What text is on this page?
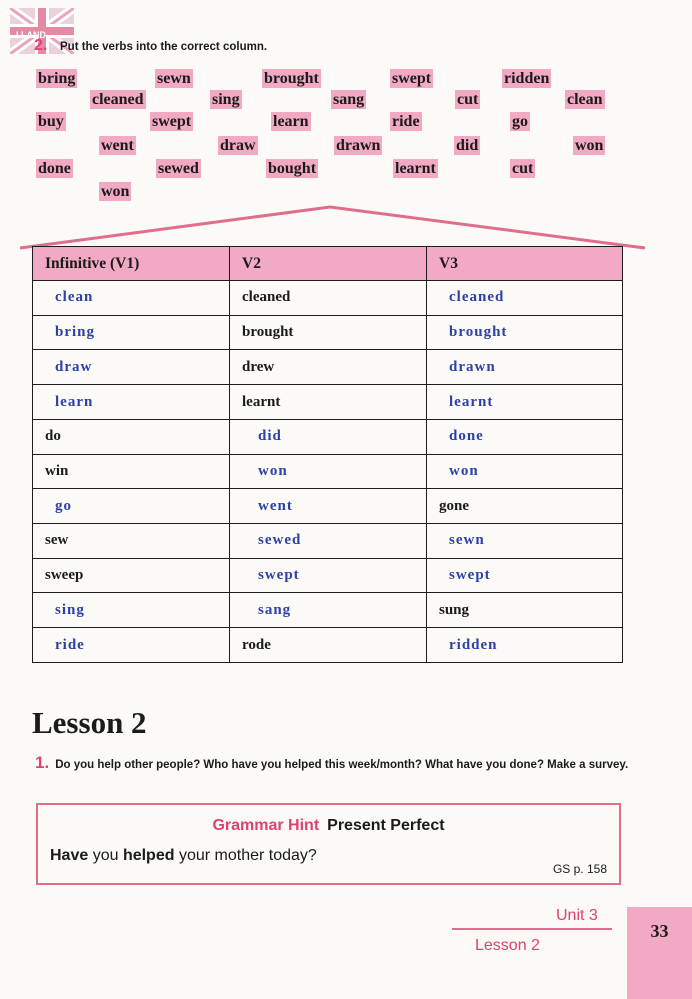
I LAND
2. Put the verbs into the correct column.
bring	sewn	brought	swept	ridden
cleaned	sing	sang	cut	clean
buy	swept	learn	ride	go
went	draw	drawn	did	won
done	sewed	bought	learnt	cut
won
Infinitive (V1)	V2	V3
clean	cleaned	cleaned
bring	brought	brought
draw	drew	drawn
learn	learnt	learnt
do	did	done
win	won	won
go	went	gone
sew	sewed	sewn
sweep	swept	swept
sing	sang	sung
ride	rode	ridden
Lesson 2
1. Do you help other people? Who have you helped this week/month? What have you done? Make a survey.
Grammar Hint Present Perfect
Have you helped your mother today?
GS p. 158
Unit 3
Lesson 2
33
